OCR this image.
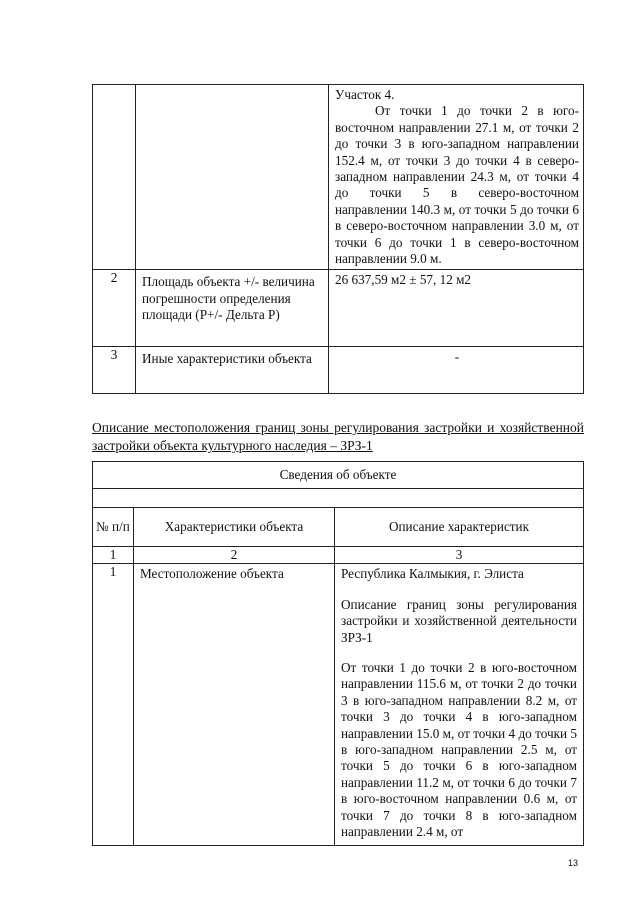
		Участок 4.
От точки 1 до точки 2 в юго-восточном направлении 27.1 м, от точки 2 до точки 3 в юго-западном направлении 152.4 м, от точки 3 до точки 4 в северо-западном направлении 24.3 м, от точки 4 до точки 5 в северо-восточном направлении 140.3 м, от точки 5 до точки 6 в северо-восточном направлении 3.0 м, от точки 6 до точки 1 в северо-восточном направлении 9.0 м.

2	Площадь объекта +/- величина погрешности определения площади (P+/- Дельта P)	26 637,59 м2 ± 57, 12 м2
3	Иные характеристики объекта	-
Описание местоположения границ зоны регулирования застройки и хозяйственной застройки объекта культурного наследия – ЗРЗ-1
Сведения об объекте		

№ п/п	Характеристики объекта	Описание характеристик
1	2	3
1	Местоположение объекта	Республика Калмыкия, г. Элиста

Описание границ зоны регулирования застройки и хозяйственной деятельности ЗРЗ-1

От точки 1 до точки 2 в юго-восточном направлении 115.6 м, от точки 2 до точки 3 в юго-западном направлении 8.2 м, от точки 3 до точки 4 в юго-западном направлении 15.0 м, от точки 4 до точки 5 в юго-западном направлении 2.5 м, от точки 5 до точки 6 в юго-западном направлении 11.2 м, от точки 6 до точки 7 в юго-восточном направлении 0.6 м, от точки 7 до точки 8 в юго-западном направлении 2.4 м, от

13
